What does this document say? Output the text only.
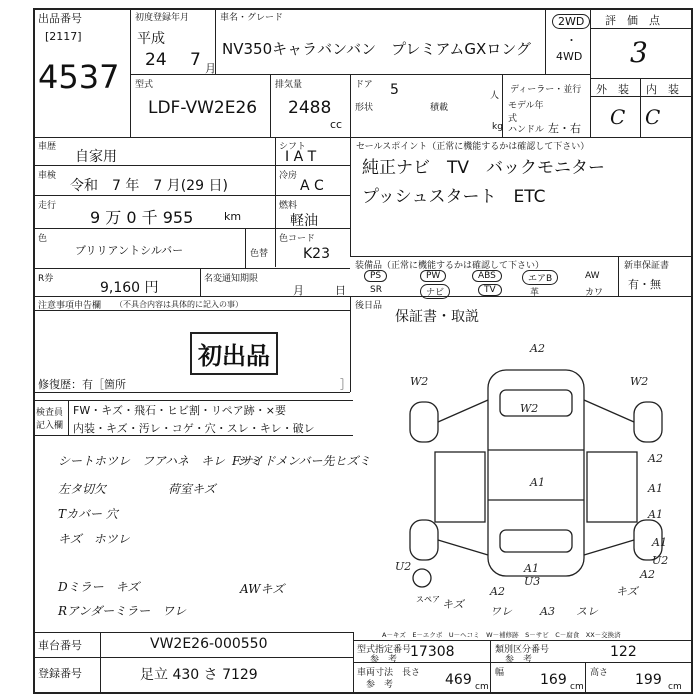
出品番号
[2117]
4537
初度登録年月
平成
24 7 月
車名・グレード
NV350キャラバンバン　プレミアムGXロング
2WD
・
4WD
評　価　点
3
外　装 内　装
C C
型式
LDF-VW2E26
排気量
2488
cc
ドア 5
形状	積載
人
kg
ディーラー・並行
モデル年式
ハンドル 左・右
車歴
自家用
車検
令和　7 年　7 月(29 日)
走行
9 万 0 千 955	km
色
ブリリアントシルバー	色替
シフト
I A T
冷房
A C
燃料
軽油
色コード
K23
R券
9,160 円
名変通知期限
月	日
セールスポイント（正常に機能するかは確認して下さい）
純正ナビ　TV　バックモニター
プッシュスタート　ETC
装備品（正常に機能するかは確認して下さい）
PS	PW	ABS	エアB	AW
SR	ナビ	TV	革	カワ
新車保証書
有・無
注意事項申告欄 （不具合内容は具体的に記入の事）
初出品
修復歴：有［箇所	］
後日品
保証書・取説
検査員
記入欄
FW・キズ・飛石・ヒビ割・リペア跡・×要
内装・キズ・汚レ・コゲ・穴・スレ・キレ・破レ
シートホツレ　フアハネ　キレ　シミ
Fサイドメンバー先ヒズミ
左タ切欠	荷室キズ
Tカバー 穴
キズ　ホツレ
Dミラー　キズ	AWキズ
Rアンダーミラー　ワレ
スペア
A2
W2
W2
W2
A1
A2
A1
A1
U2
A1
U2
A2
A1
U3
A2
キズ
ワレ	A3 スレ
キズ
A－キズ　E－エクボ　U－ヘコミ　W－補修跡　S－サビ　C－腐食　XX－交換済
車台番号	VW2E26-000550
登録番号	足立 430 さ 7129
型式指定番号
参　考 17308	類別区分番号
参　考	122
車両寸法
参　考
長さ 469 cm
幅	169 cm
高さ 199 cm
